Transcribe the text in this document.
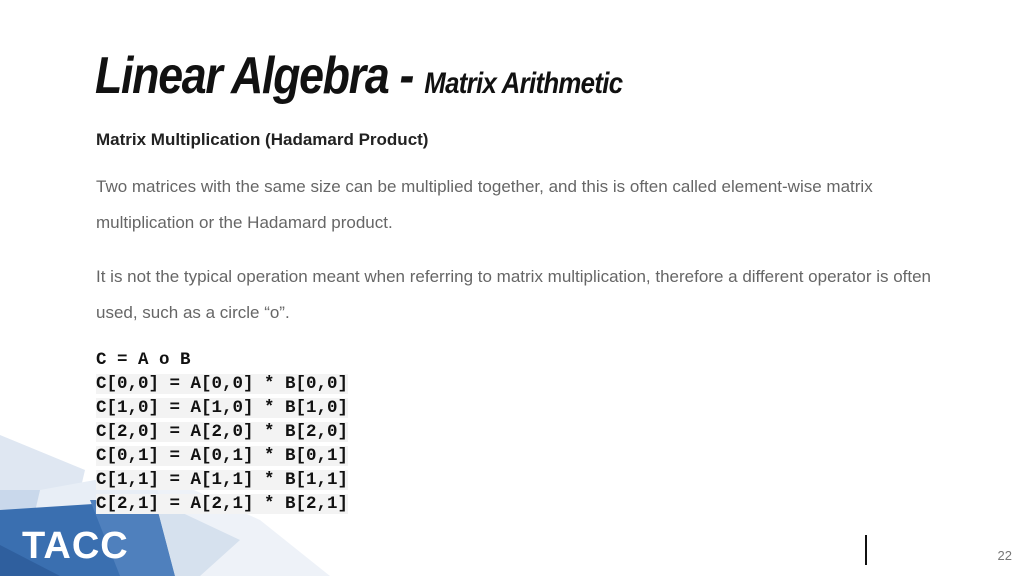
Linear Algebra - Matrix Arithmetic
Matrix Multiplication (Hadamard Product)
Two matrices with the same size can be multiplied together, and this is often called element-wise matrix multiplication or the Hadamard product.
It is not the typical operation meant when referring to matrix multiplication, therefore a different operator is often used, such as a circle “o”.
C = A o B
C[0,0] = A[0,0] * B[0,0]
C[1,0] = A[1,0] * B[1,0]
C[2,0] = A[2,0] * B[2,0]
C[0,1] = A[0,1] * B[0,1]
C[1,1] = A[1,1] * B[1,1]
C[2,1] = A[2,1] * B[2,1]
TACC	22
